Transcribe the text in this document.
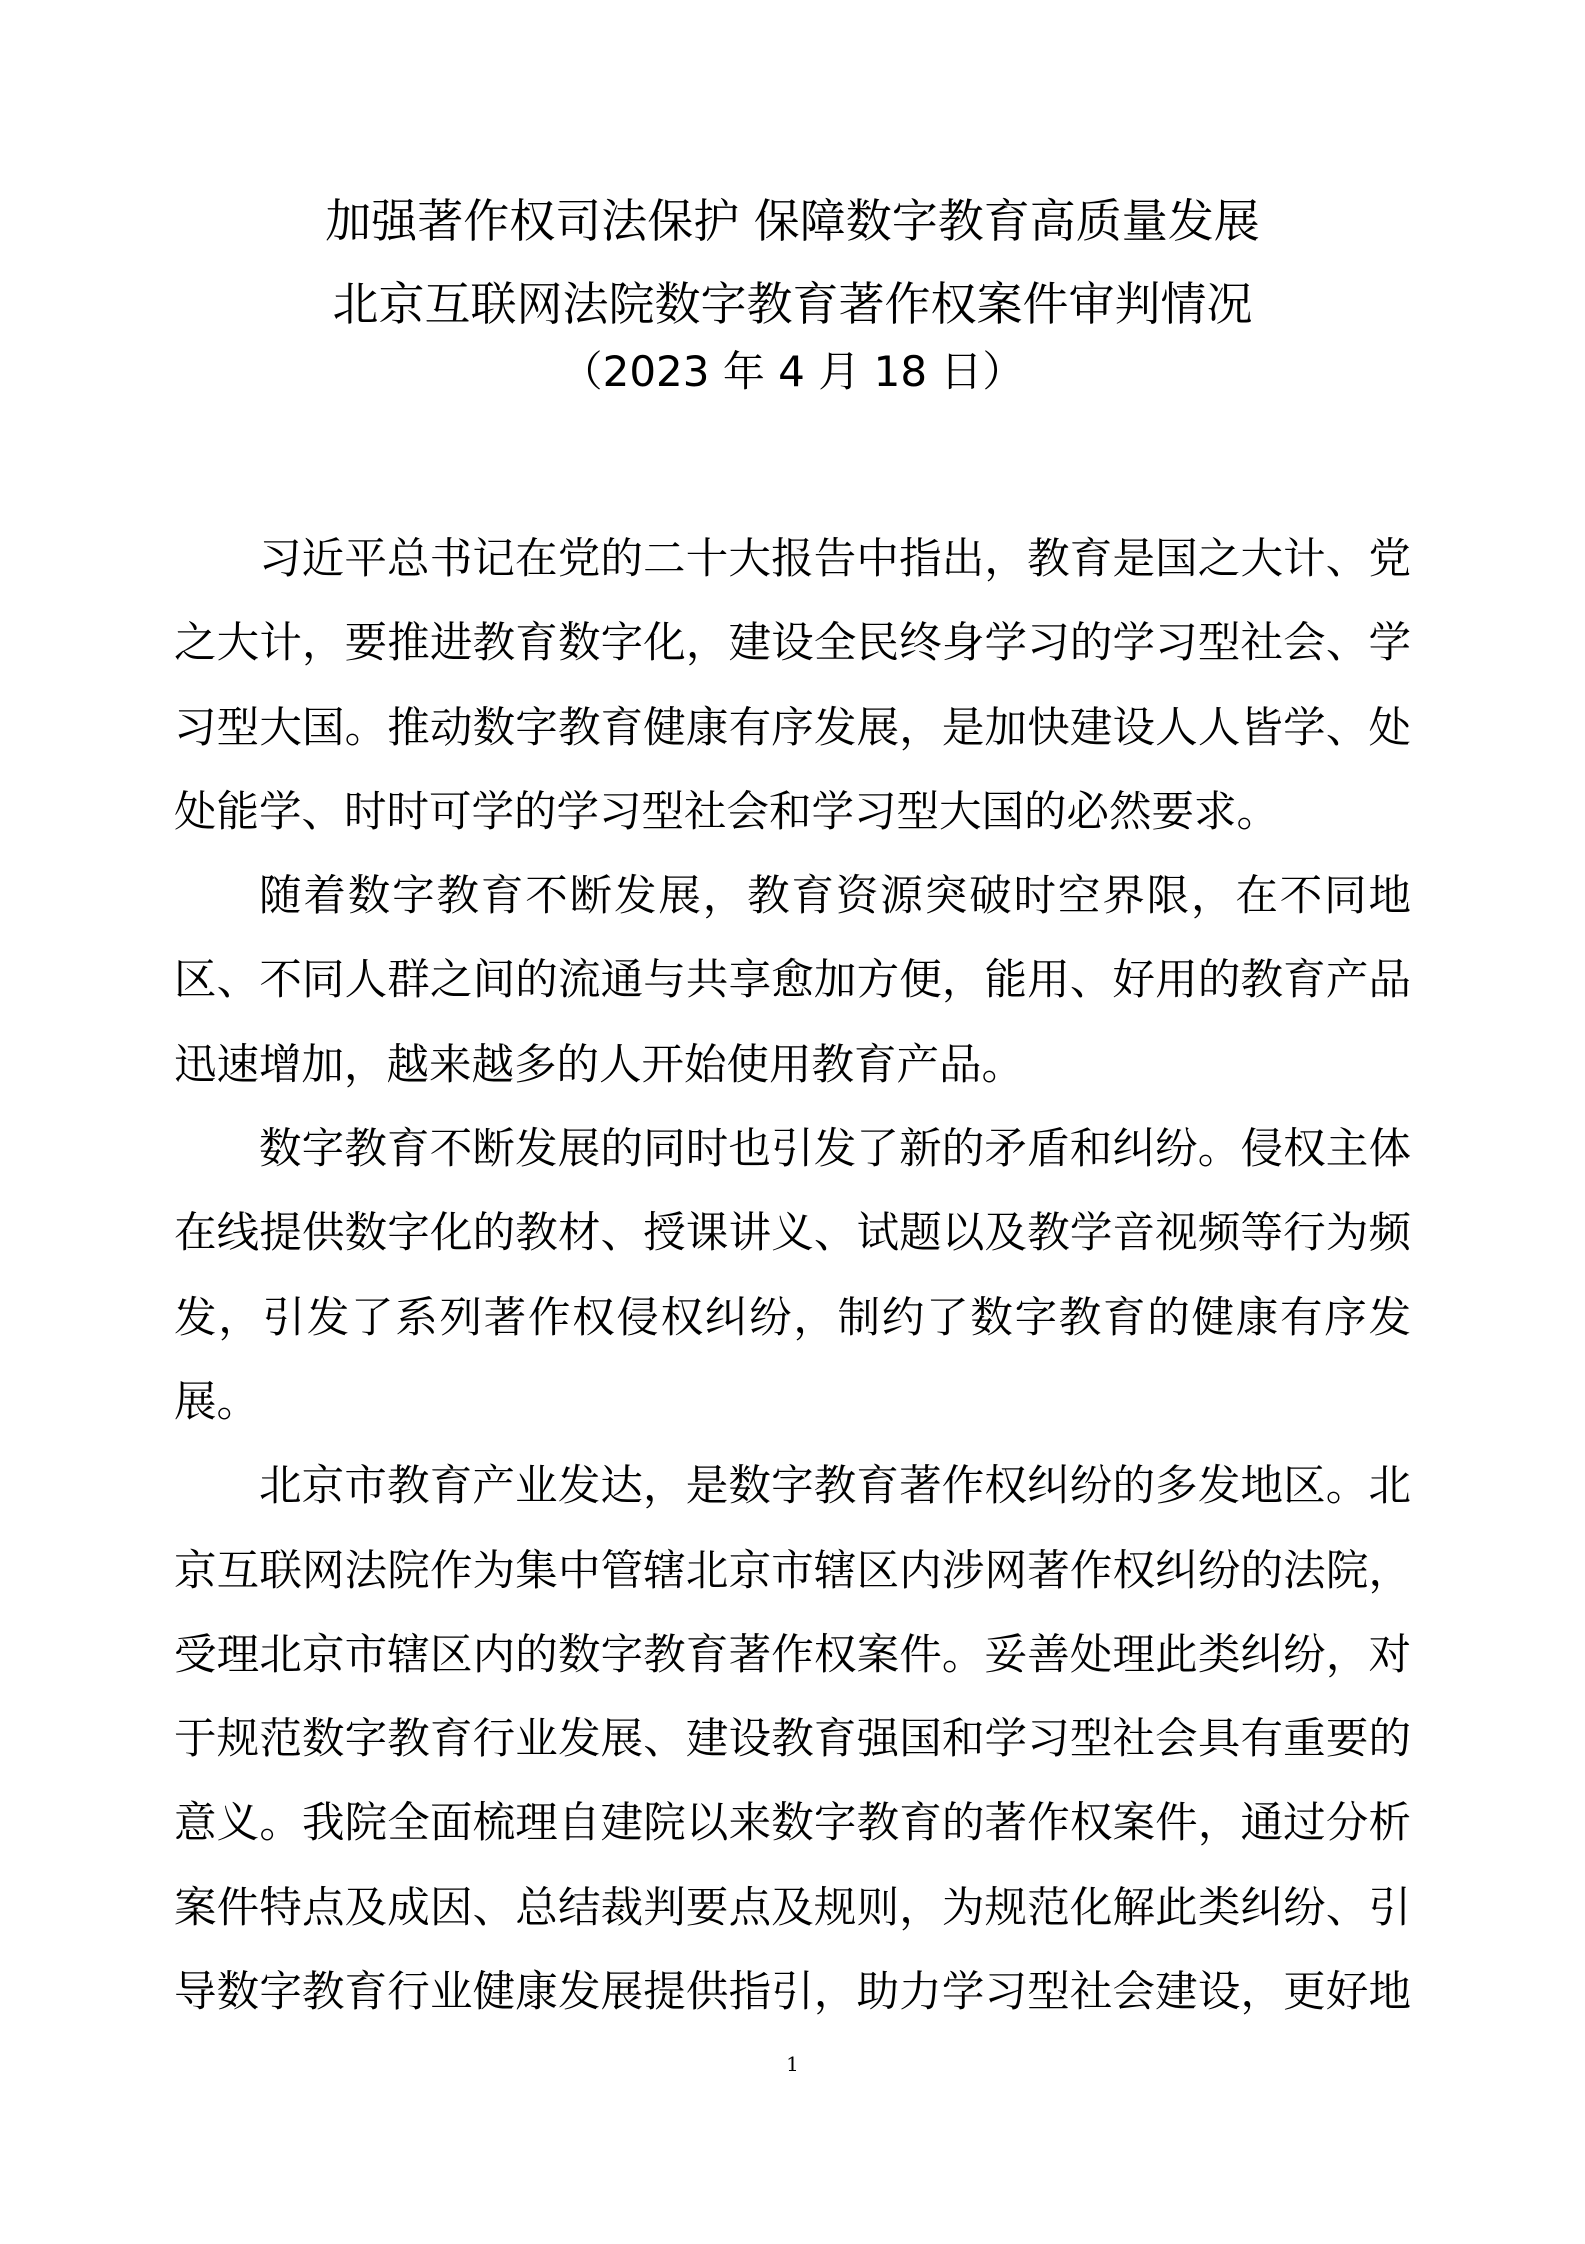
加强著作权司法保护 保障数字教育高质量发展
北京互联网法院数字教育著作权案件审判情况
（2023 年 4 月 18 日）
习近平总书记在党的二十大报告中指出，教育是国之大计、党
之大计，要推进教育数字化，建设全民终身学习的学习型社会、学
习型大国。推动数字教育健康有序发展，是加快建设人人皆学、处
处能学、时时可学的学习型社会和学习型大国的必然要求。
随着数字教育不断发展，教育资源突破时空界限，在不同地
区、不同人群之间的流通与共享愈加方便，能用、好用的教育产品
迅速增加，越来越多的人开始使用教育产品。
数字教育不断发展的同时也引发了新的矛盾和纠纷。侵权主体
在线提供数字化的教材、授课讲义、试题以及教学音视频等行为频
发，引发了系列著作权侵权纠纷，制约了数字教育的健康有序发
展。
北京市教育产业发达，是数字教育著作权纠纷的多发地区。北
京互联网法院作为集中管辖北京市辖区内涉网著作权纠纷的法院，
受理北京市辖区内的数字教育著作权案件。妥善处理此类纠纷，对
于规范数字教育行业发展、建设教育强国和学习型社会具有重要的
意义。我院全面梳理自建院以来数字教育的著作权案件，通过分析
案件特点及成因、总结裁判要点及规则，为规范化解此类纠纷、引
导数字教育行业健康发展提供指引，助力学习型社会建设，更好地
1
